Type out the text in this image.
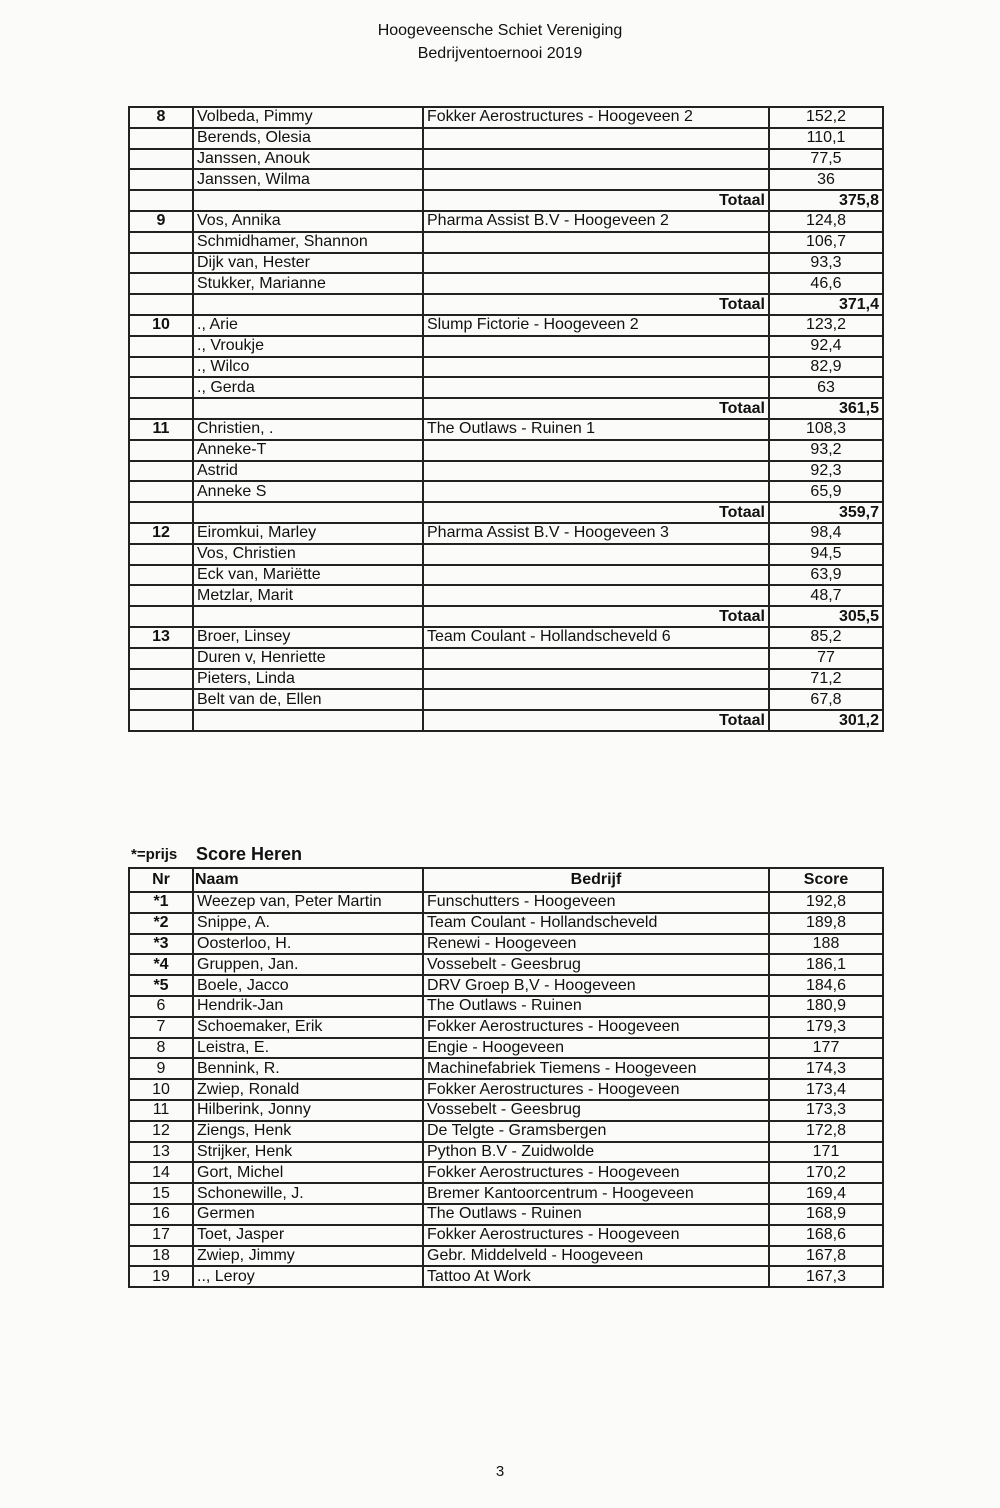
Hoogeveensche Schiet Vereniging
Bedrijventoernooi 2019
8	Volbeda, Pimmy	Fokker Aerostructures - Hoogeveen 2	152,2
	Berends, Olesia		110,1
	Janssen, Anouk		77,5
	Janssen, Wilma		36
		Totaal	375,8
9	Vos, Annika	Pharma Assist B.V - Hoogeveen 2	124,8
	Schmidhamer, Shannon		106,7
	Dijk van, Hester		93,3
	Stukker, Marianne		46,6
		Totaal	371,4
10	., Arie	Slump Fictorie - Hoogeveen 2	123,2
	., Vroukje		92,4
	., Wilco		82,9
	., Gerda		63
		Totaal	361,5
11	Christien, .	The Outlaws - Ruinen 1	108,3
	Anneke-T		93,2
	Astrid		92,3
	Anneke S		65,9
		Totaal	359,7
12	Eiromkui, Marley	Pharma Assist B.V - Hoogeveen 3	98,4
	Vos, Christien		94,5
	Eck van, Mariëtte		63,9
	Metzlar, Marit		48,7
		Totaal	305,5
13	Broer, Linsey	Team Coulant - Hollandscheveld 6	85,2
	Duren v, Henriette		77
	Pieters, Linda		71,2
	Belt van de, Ellen		67,8
		Totaal	301,2
*=prijs Score Heren
Nr	Naam	Bedrijf	Score
*1	Weezep van, Peter Martin	Funschutters - Hoogeveen	192,8
*2	Snippe, A.	Team Coulant - Hollandscheveld	189,8
*3	Oosterloo, H.	Renewi - Hoogeveen	188
*4	Gruppen, Jan.	Vossebelt - Geesbrug	186,1
*5	Boele, Jacco	DRV Groep B,V - Hoogeveen	184,6
6	Hendrik-Jan	The Outlaws - Ruinen	180,9
7	Schoemaker, Erik	Fokker Aerostructures - Hoogeveen	179,3
8	Leistra, E.	Engie - Hoogeveen	177
9	Bennink, R.	Machinefabriek Tiemens - Hoogeveen	174,3
10	Zwiep, Ronald	Fokker Aerostructures - Hoogeveen	173,4
11	Hilberink, Jonny	Vossebelt - Geesbrug	173,3
12	Ziengs, Henk	De Telgte - Gramsbergen	172,8
13	Strijker, Henk	Python B.V - Zuidwolde	171
14	Gort, Michel	Fokker Aerostructures - Hoogeveen	170,2
15	Schonewille, J.	Bremer Kantoorcentrum - Hoogeveen	169,4
16	Germen	The Outlaws - Ruinen	168,9
17	Toet, Jasper	Fokker Aerostructures - Hoogeveen	168,6
18	Zwiep, Jimmy	Gebr. Middelveld - Hoogeveen	167,8
19	.., Leroy	Tattoo At Work	167,3
3
